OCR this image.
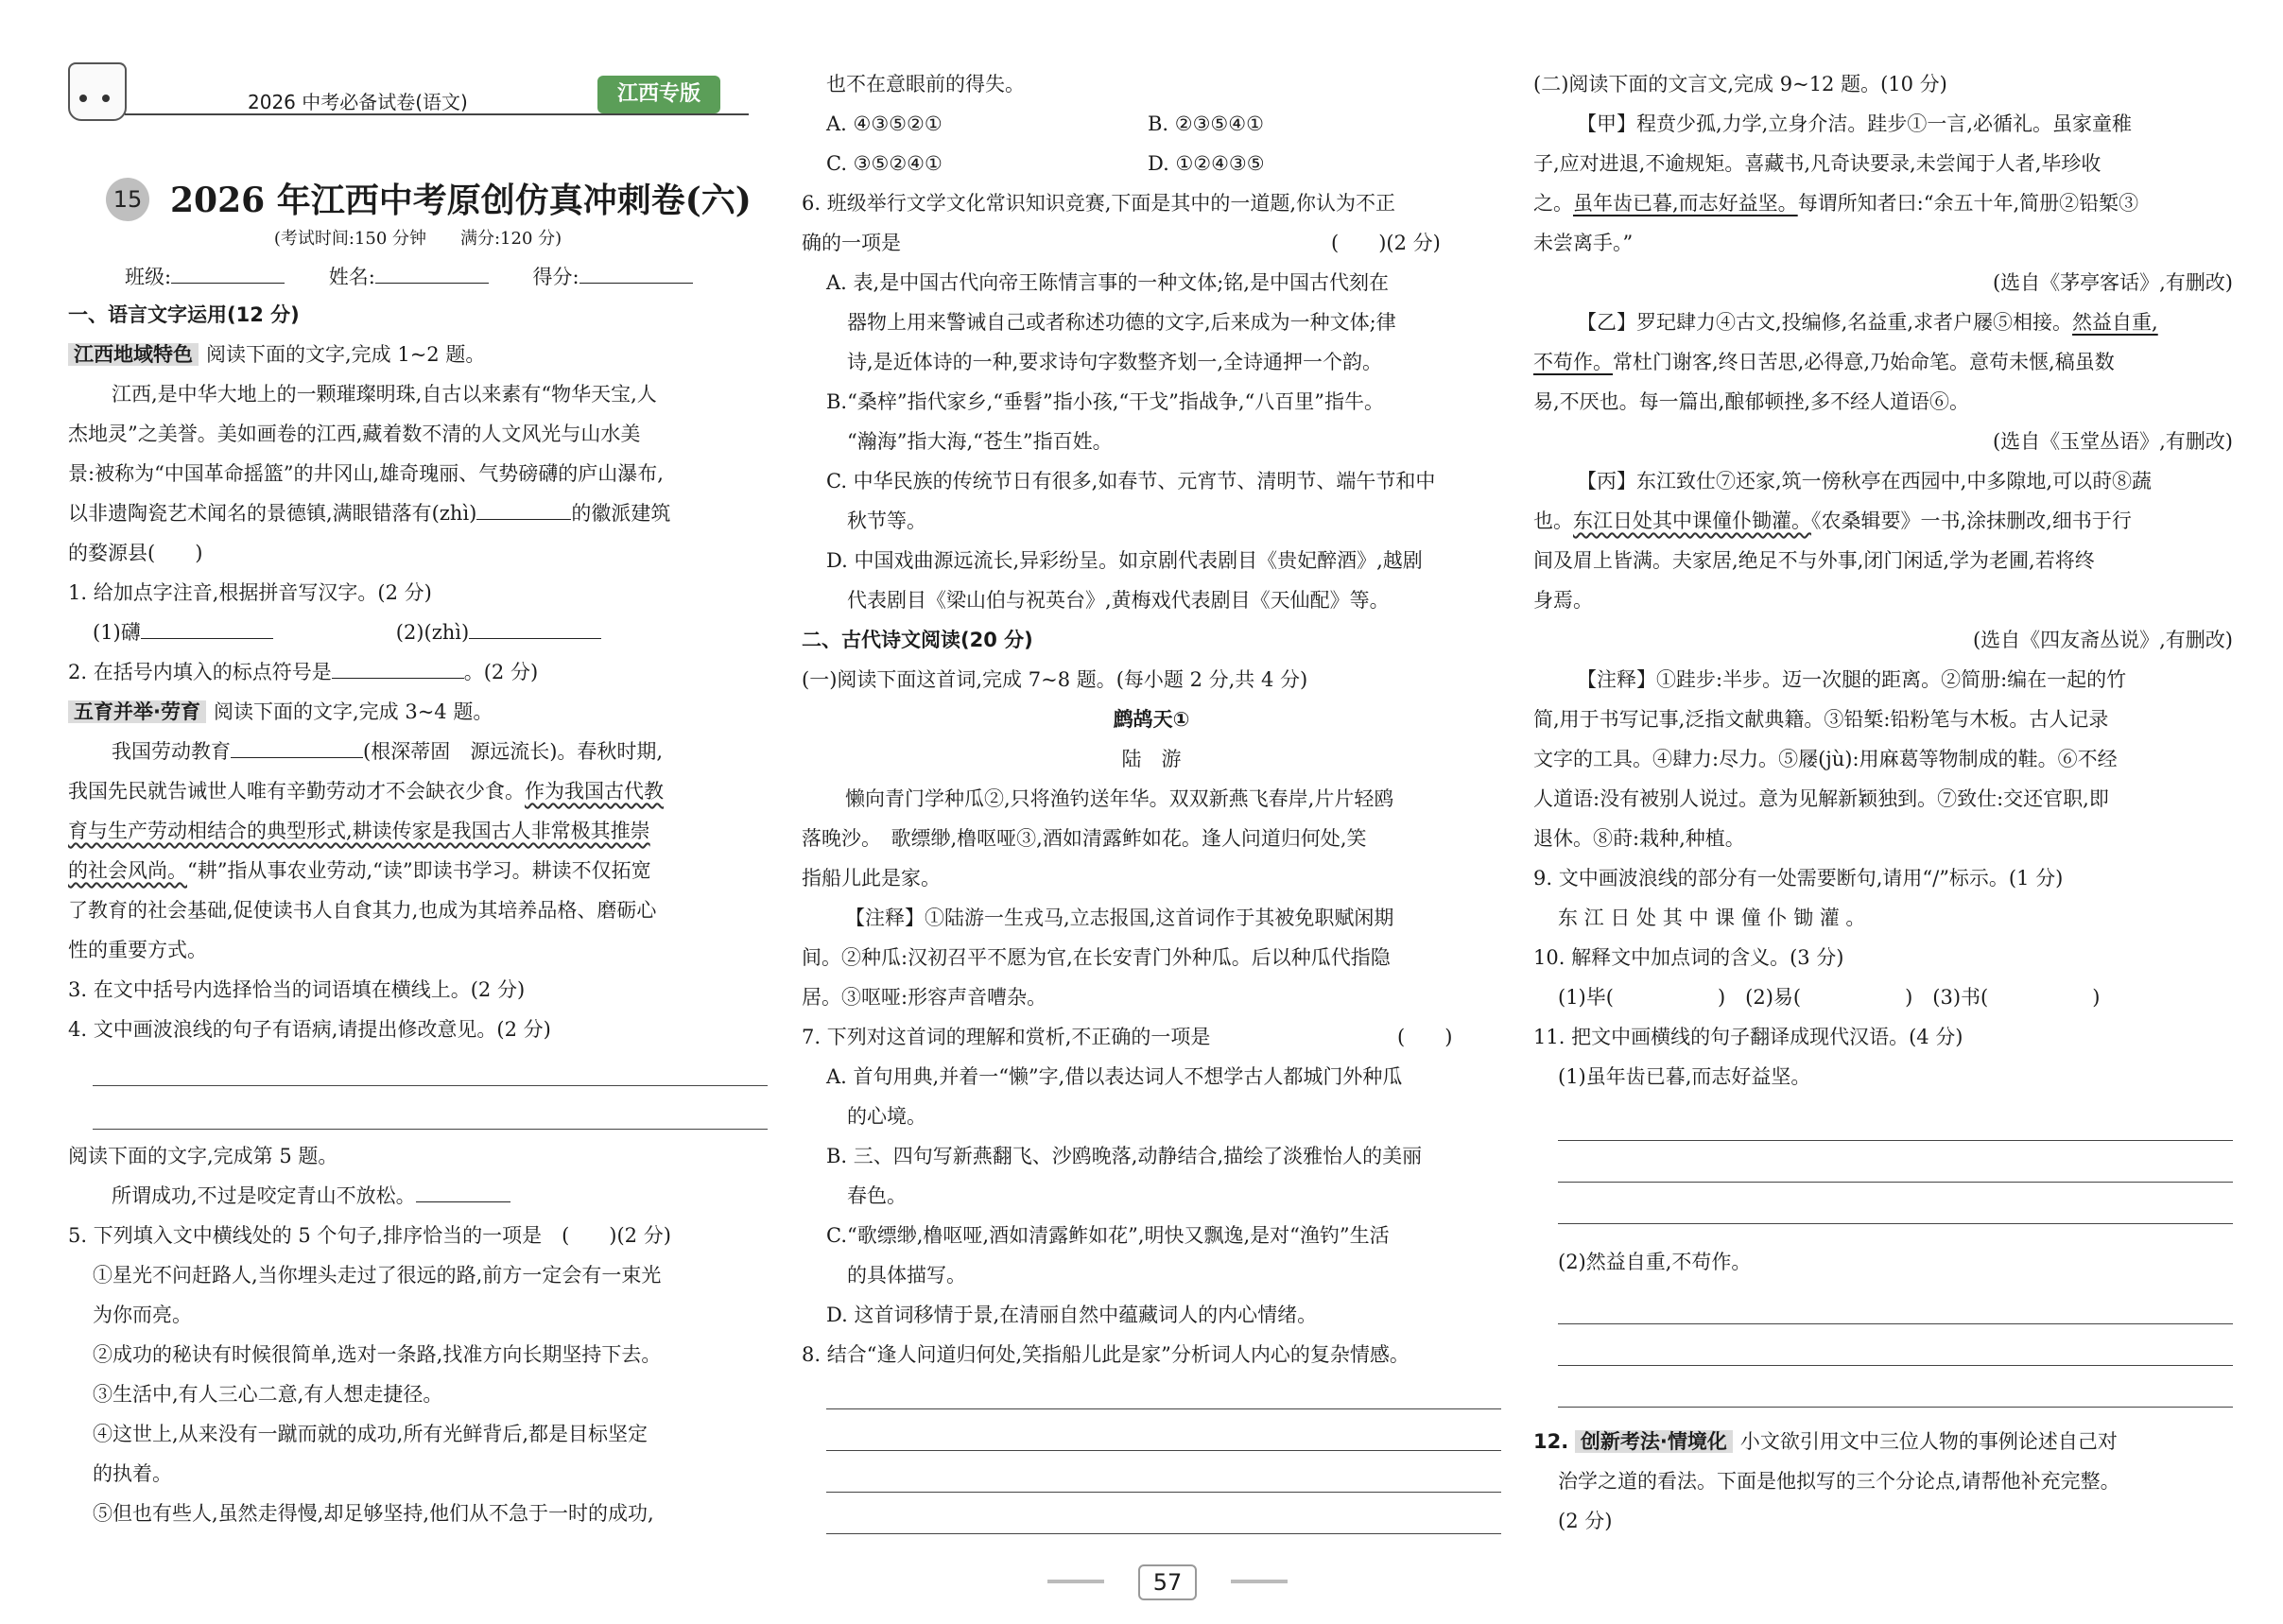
2026 中考必备试卷(语文)	江西专版
15 2026 年江西中考原创仿真冲刺卷(六)
(考试时间:150 分钟　　满分:120 分)
班级:	姓名:	得分:
一、语言文字运用(12 分)
江西地域特色 阅读下面的文字,完成 1~2 题。
江西,是中华大地上的一颗璀璨明珠,自古以来素有“物华天宝,人
杰地灵”之美誉。美如画卷的江西,藏着数不清的人文风光与山水美
景:被称为“中国革命摇篮”的井冈山,雄奇瑰丽、气势磅礴的庐山瀑布,
以非遗陶瓷艺术闻名的景德镇,满眼错落有(zhì)	的徽派建筑
的婺源县(　　)
1. 给加点字注音,根据拼音写汉字。(2 分)
(1)礴	(2)(zhì)
2. 在括号内填入的标点符号是	。(2 分)
五育并举·劳育 阅读下面的文字,完成 3~4 题。
我国劳动教育	(根深蒂固　源远流长)。春秋时期,
我国先民就告诫世人唯有辛勤劳动才不会缺衣少食。作为我国古代教
育与生产劳动相结合的典型形式,耕读传家是我国古人非常极其推崇
的社会风尚。“耕”指从事农业劳动,“读”即读书学习。耕读不仅拓宽
了教育的社会基础,促使读书人自食其力,也成为其培养品格、磨砺心
性的重要方式。
3. 在文中括号内选择恰当的词语填在横线上。(2 分)
4. 文中画波浪线的句子有语病,请提出修改意见。(2 分)
阅读下面的文字,完成第 5 题。
所谓成功,不过是咬定青山不放松。
5. 下列填入文中横线处的 5 个句子,排序恰当的一项是　(　　)(2 分)
①星光不问赶路人,当你埋头走过了很远的路,前方一定会有一束光
为你而亮。
②成功的秘诀有时候很简单,选对一条路,找准方向长期坚持下去。
③生活中,有人三心二意,有人想走捷径。
④这世上,从来没有一蹴而就的成功,所有光鲜背后,都是目标坚定
的执着。
⑤但也有些人,虽然走得慢,却足够坚持,他们从不急于一时的成功,
也不在意眼前的得失。
A. ④③⑤②①	B. ②③⑤④①
C. ③⑤②④①	D. ①②④③⑤
6. 班级举行文学文化常识知识竞赛,下面是其中的一道题,你认为不正
确的一项是	(　　)(2 分)
A. 表,是中国古代向帝王陈情言事的一种文体;铭,是中国古代刻在
器物上用来警诫自己或者称述功德的文字,后来成为一种文体;律
诗,是近体诗的一种,要求诗句字数整齐划一,全诗通押一个韵。
B.“桑梓”指代家乡,“垂髫”指小孩,“干戈”指战争,“八百里”指牛。
“瀚海”指大海,“苍生”指百姓。
C. 中华民族的传统节日有很多,如春节、元宵节、清明节、端午节和中
秋节等。
D. 中国戏曲源远流长,异彩纷呈。如京剧代表剧目《贵妃醉酒》,越剧
代表剧目《梁山伯与祝英台》,黄梅戏代表剧目《天仙配》等。
二、古代诗文阅读(20 分)
(一)阅读下面这首词,完成 7~8 题。(每小题 2 分,共 4 分)
鹧鸪天①
陆　游
懒向青门学种瓜②,只将渔钓送年华。双双新燕飞春岸,片片轻鸥
落晚沙。　歌缥缈,橹呕哑③,酒如清露鲊如花。逢人问道归何处,笑
指船儿此是家。
【注释】①陆游一生戎马,立志报国,这首词作于其被免职赋闲期
间。②种瓜:汉初召平不愿为官,在长安青门外种瓜。后以种瓜代指隐
居。③呕哑:形容声音嘈杂。
7. 下列对这首词的理解和赏析,不正确的一项是	(　　)
A. 首句用典,并着一“懒”字,借以表达词人不想学古人都城门外种瓜
的心境。
B. 三、四句写新燕翻飞、沙鸥晚落,动静结合,描绘了淡雅怡人的美丽
春色。
C.“歌缥缈,橹呕哑,酒如清露鲊如花”,明快又飘逸,是对“渔钓”生活
的具体描写。
D. 这首词移情于景,在清丽自然中蕴藏词人的内心情绪。
8. 结合“逢人问道归何处,笑指船儿此是家”分析词人内心的复杂情感。
(二)阅读下面的文言文,完成 9~12 题。(10 分)
【甲】程贲少孤,力学,立身介洁。跬步①一言,必循礼。虽家童稚
子,应对进退,不逾规矩。喜藏书,凡奇诀要录,未尝闻于人者,毕珍收
之。虽年齿已暮,而志好益坚。每谓所知者曰:“余五十年,简册②铅椠③
未尝离手。”
(选自《茅亭客话》,有删改)
【乙】罗玘肆力④古文,投编修,名益重,求者户屦⑤相接。然益自重,
不苟作。常杜门谢客,终日苦思,必得意,乃始命笔。意苟未惬,稿虽数
易,不厌也。每一篇出,酿郁顿挫,多不经人道语⑥。
(选自《玉堂丛语》,有删改)
【丙】东江致仕⑦还家,筑一傍秋亭在西园中,中多隙地,可以莳⑧蔬
也。东江日处其中课僮仆锄灌。《农桑辑要》一书,涂抹删改,细书于行
间及眉上皆满。夫家居,绝足不与外事,闭门闲适,学为老圃,若将终
身焉。
(选自《四友斋丛说》,有删改)
【注释】①跬步:半步。迈一次腿的距离。②简册:编在一起的竹
简,用于书写记事,泛指文献典籍。③铅椠:铅粉笔与木板。古人记录
文字的工具。④肆力:尽力。⑤屦(jù):用麻葛等物制成的鞋。⑥不经
人道语:没有被别人说过。意为见解新颖独到。⑦致仕:交还官职,即
退休。⑧莳:栽种,种植。
9. 文中画波浪线的部分有一处需要断句,请用“/”标示。(1 分)
东 江 日 处 其 中 课 僮 仆 锄 灌 。
10. 解释文中加点词的含义。(3 分)
(1)毕(	)　(2)易(	)　(3)书(	)
11. 把文中画横线的句子翻译成现代汉语。(4 分)
(1)虽年齿已暮,而志好益坚。
(2)然益自重,不苟作。
12. 创新考法·情境化 小文欲引用文中三位人物的事例论述自己对
治学之道的看法。下面是他拟写的三个分论点,请帮他补充完整。
(2 分)
57
